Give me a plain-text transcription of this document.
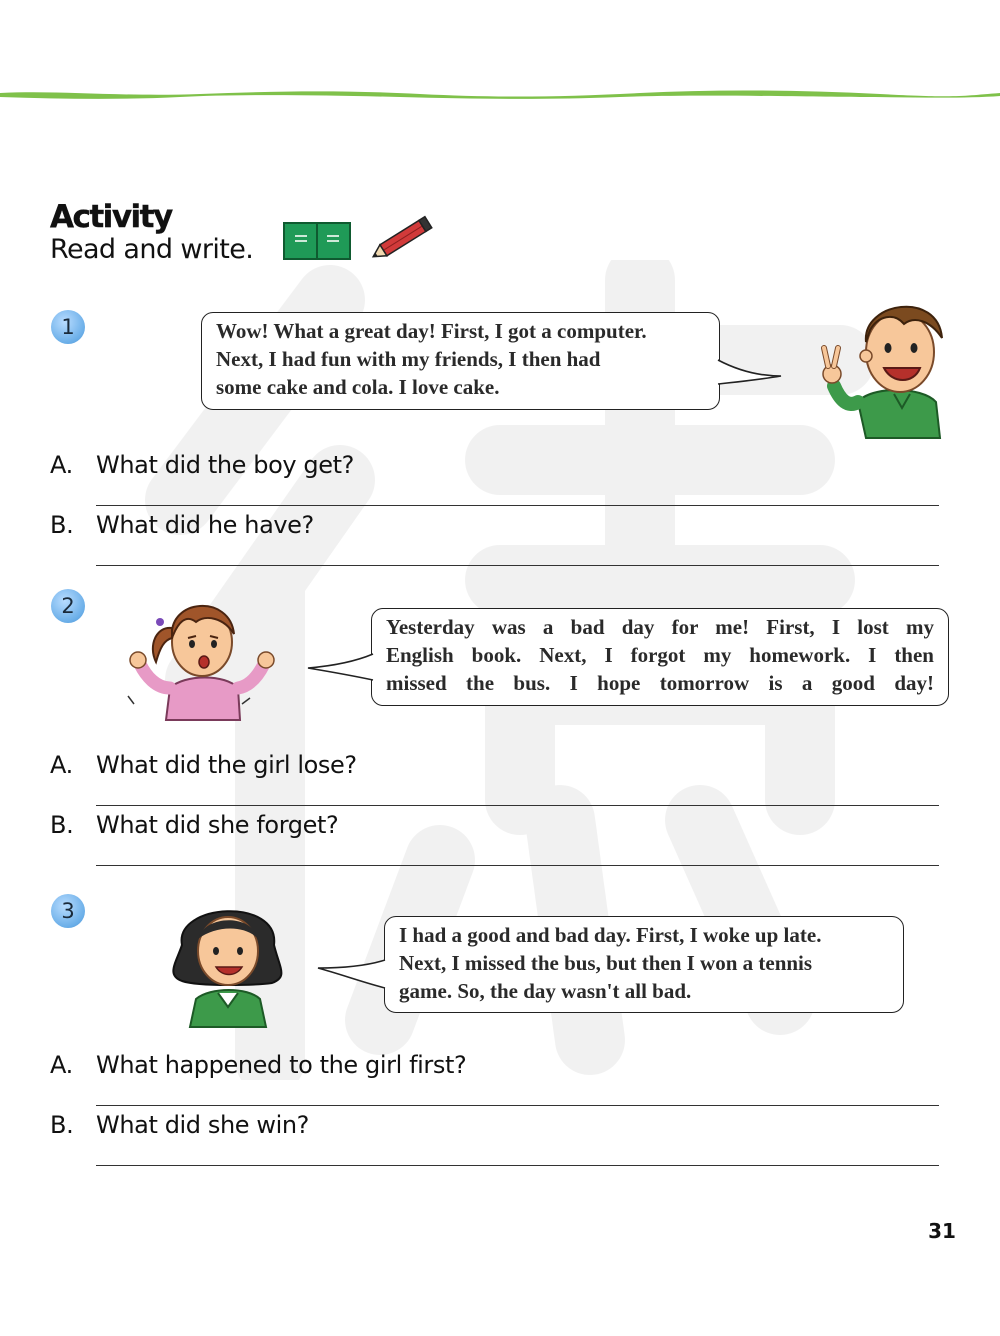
Activity
Read and write.
1	Wow! What a great day! First, I got a computer.
Next, I had fun with my friends, I then had
some cake and cola. I love cake.
A. What did the boy get?
B. What did he have?
2
Yesterday was a bad day for me! First, I lost my
English book. Next, I forgot my homework. I then
missed the bus. I hope tomorrow is a good day!
A. What did the girl lose?
B. What did she forget?
3
I had a good and bad day. First, I woke up late.
Next, I missed the bus, but then I won a tennis
game. So, the day wasn't all bad.
A. What happened to the girl first?
B. What did she win?
31
